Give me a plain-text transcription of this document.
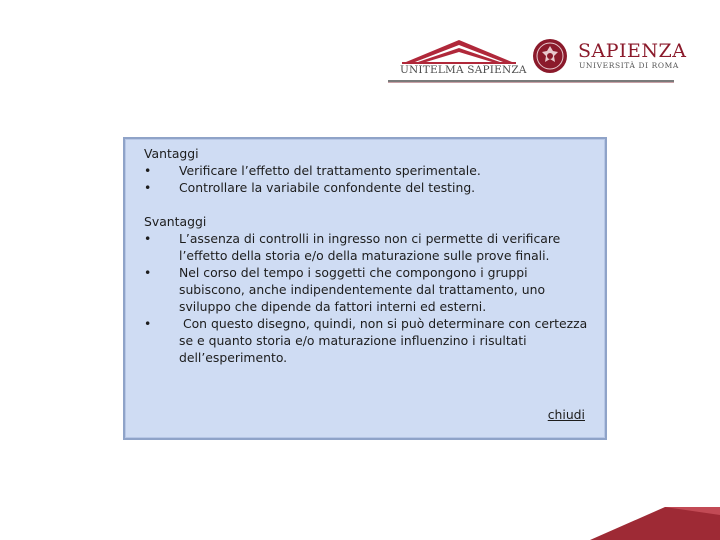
UNITELMA SAPIENZA
SAPIENZA
UNIVERSITÀ DI ROMA
Vantaggi
•	Verificare l’effetto del trattamento sperimentale.
•	Controllare la variabile confondente del testing.
Svantaggi
•	L’assenza di controlli in ingresso non ci permette di verificare l’effetto della storia e/o della maturazione sulle prove finali.
•	Nel corso del tempo i soggetti che compongono i gruppi subiscono, anche indipendentemente dal trattamento, uno sviluppo che dipende da fattori interni ed esterni.
•	Con questo disegno, quindi, non si può determinare con certezza se e quanto storia e/o maturazione influenzino i risultati dell’esperimento.
chiudi
